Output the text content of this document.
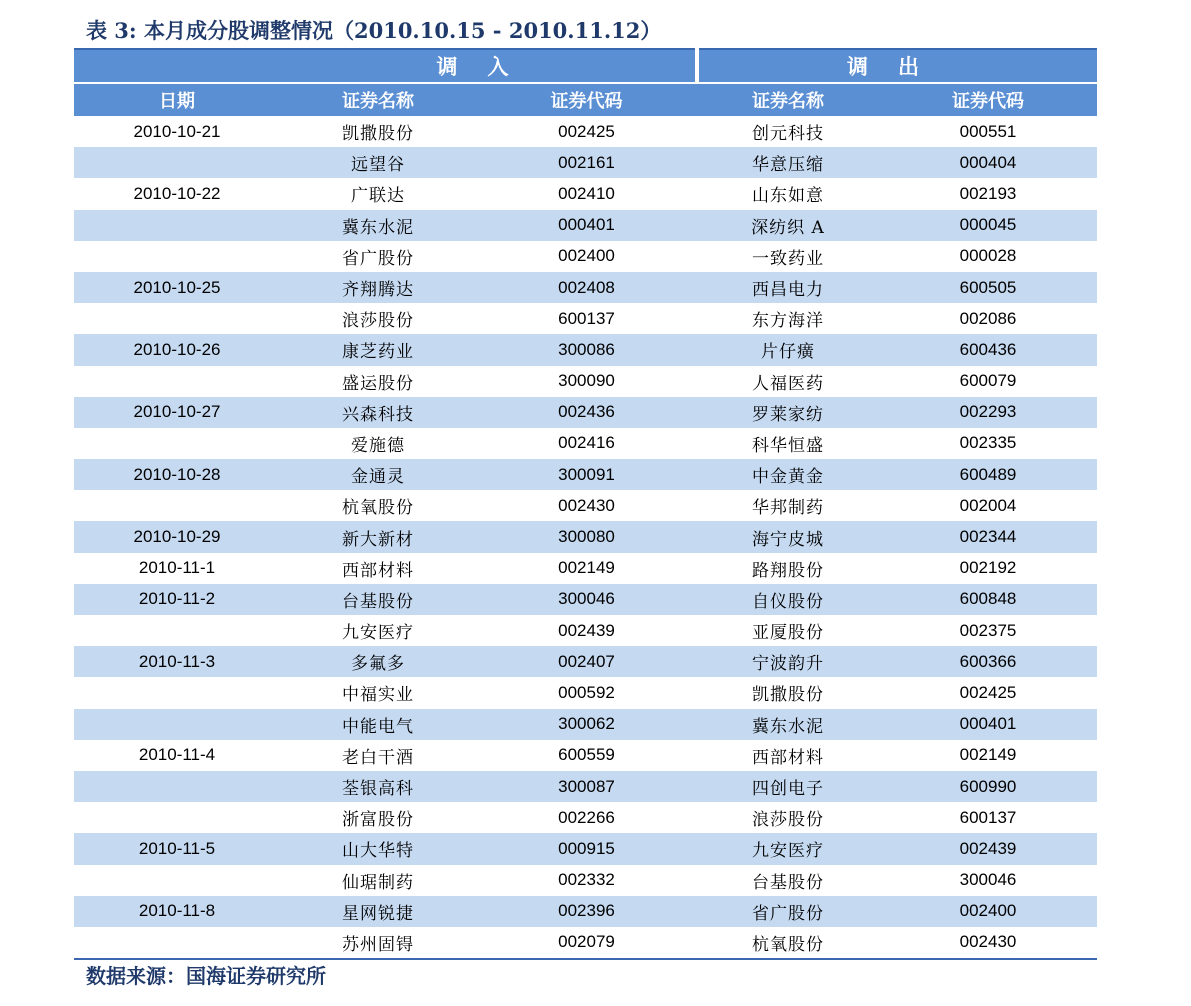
表 3: 本月成分股调整情况（2010.10.15 - 2010.11.12）
	调入		调出	
日期	证券名称	证券代码	证券名称	证券代码
2010-10-21	凯撒股份	002425	创元科技	000551
	远望谷	002161	华意压缩	000404
2010-10-22	广联达	002410	山东如意	002193
	冀东水泥	000401	深纺织 A	000045
	省广股份	002400	一致药业	000028
2010-10-25	齐翔腾达	002408	西昌电力	600505
	浪莎股份	600137	东方海洋	002086
2010-10-26	康芝药业	300086	片仔癀	600436
	盛运股份	300090	人福医药	600079
2010-10-27	兴森科技	002436	罗莱家纺	002293
	爱施德	002416	科华恒盛	002335
2010-10-28	金通灵	300091	中金黄金	600489
	杭氧股份	002430	华邦制药	002004
2010-10-29	新大新材	300080	海宁皮城	002344
2010-11-1	西部材料	002149	路翔股份	002192
2010-11-2	台基股份	300046	自仪股份	600848
	九安医疗	002439	亚厦股份	002375
2010-11-3	多氟多	002407	宁波韵升	600366
	中福实业	000592	凯撒股份	002425
	中能电气	300062	冀东水泥	000401
2010-11-4	老白干酒	600559	西部材料	002149
	荃银高科	300087	四创电子	600990
	浙富股份	002266	浪莎股份	600137
2010-11-5	山大华特	000915	九安医疗	002439
	仙琚制药	002332	台基股份	300046
2010-11-8	星网锐捷	002396	省广股份	002400
	苏州固锝	002079	杭氧股份	002430
数据来源：国海证券研究所
